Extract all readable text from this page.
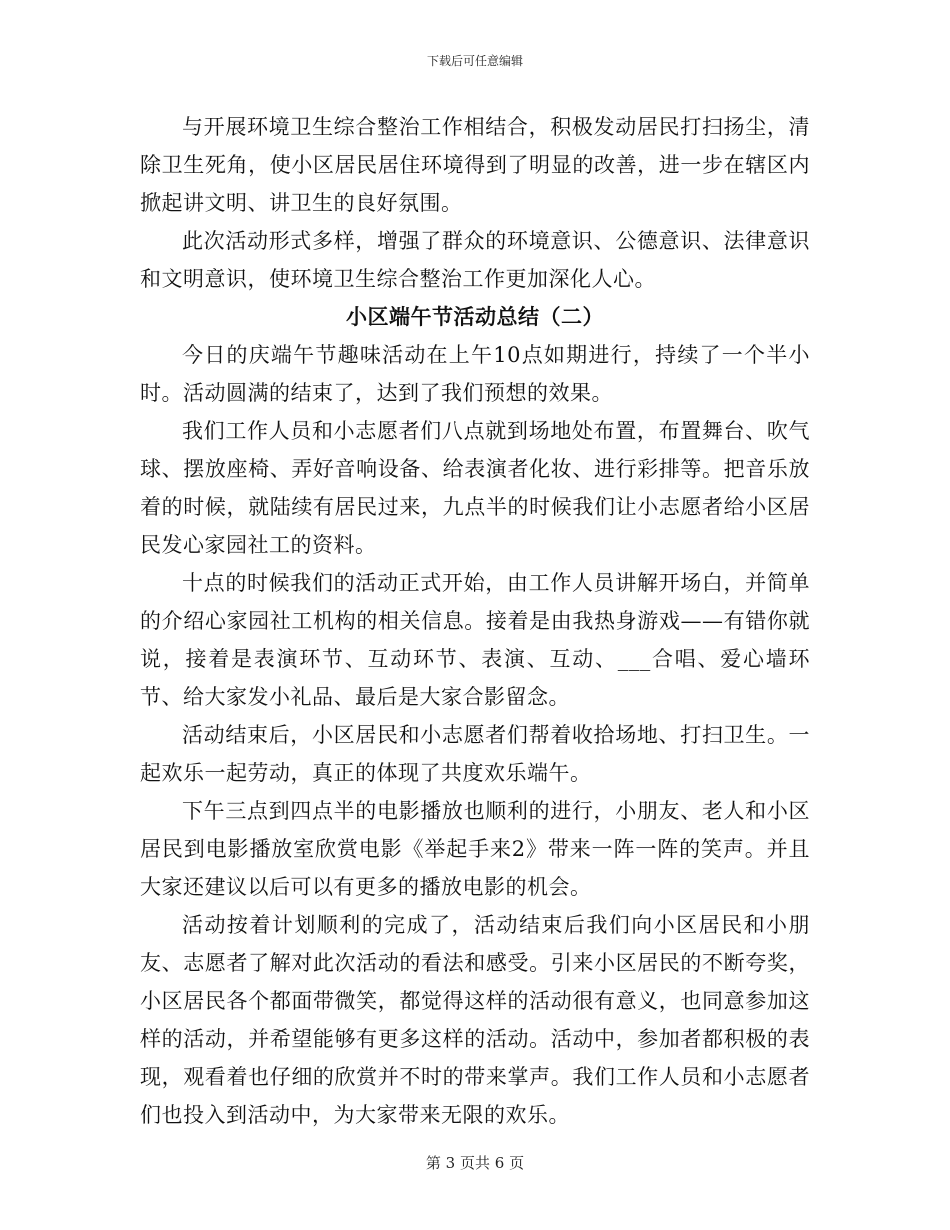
下载后可任意编辑

与开展环境卫生综合整治工作相结合，积极发动居民打扫扬尘，清除卫生死角，使小区居民居住环境得到了明显的改善，进一步在辖区内掀起讲文明、讲卫生的良好氛围。

此次活动形式多样，增强了群众的环境意识、公德意识、法律意识和文明意识，使环境卫生综合整治工作更加深化人心。

小区端午节活动总结（二）

今日的庆端午节趣味活动在上午10点如期进行，持续了一个半小时。活动圆满的结束了，达到了我们预想的效果。

我们工作人员和小志愿者们八点就到场地处布置，布置舞台、吹气球、摆放座椅、弄好音响设备、给表演者化妆、进行彩排等。把音乐放着的时候，就陆续有居民过来，九点半的时候我们让小志愿者给小区居民发心家园社工的资料。

十点的时候我们的活动正式开始，由工作人员讲解开场白，并简单的介绍心家园社工机构的相关信息。接着是由我热身游戏——有错你就说，接着是表演环节、互动环节、表演、互动、___合唱、爱心墙环节、给大家发小礼品、最后是大家合影留念。

活动结束后，小区居民和小志愿者们帮着收拾场地、打扫卫生。一起欢乐一起劳动，真正的体现了共度欢乐端午。

下午三点到四点半的电影播放也顺利的进行，小朋友、老人和小区居民到电影播放室欣赏电影《举起手来2》带来一阵一阵的笑声。并且大家还建议以后可以有更多的播放电影的机会。

活动按着计划顺利的完成了，活动结束后我们向小区居民和小朋友、志愿者了解对此次活动的看法和感受。引来小区居民的不断夸奖，小区居民各个都面带微笑，都觉得这样的活动很有意义，也同意参加这样的活动，并希望能够有更多这样的活动。活动中，参加者都积极的表现，观看着也仔细的欣赏并不时的带来掌声。我们工作人员和小志愿者们也投入到活动中，为大家带来无限的欢乐。

第 3 页共 6 页
